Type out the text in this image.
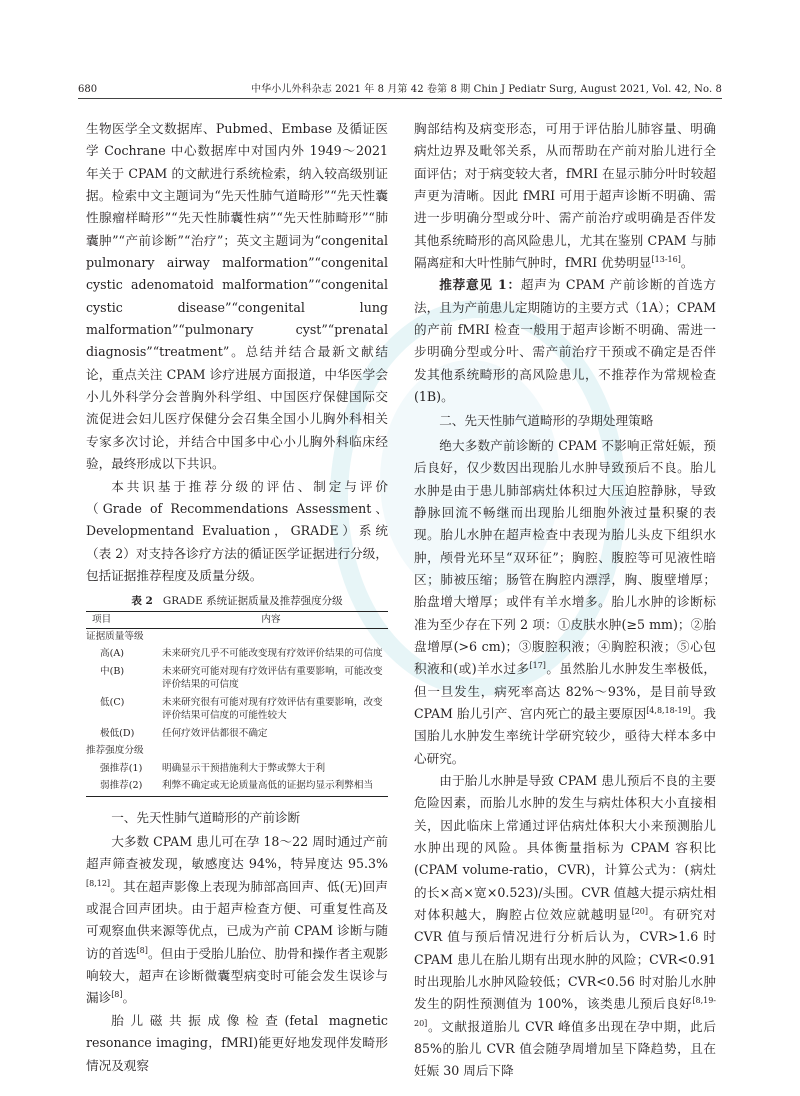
680	中华小儿外科杂志 2021 年 8 月第 42 卷第 8 期 Chin J Pediatr Surg, August 2021, Vol. 42, No. 8

生物医学全文数据库、Pubmed、Embase 及循证医学 Cochrane 中心数据库中对国内外 1949～2021 年关于 CPAM 的文献进行系统检索，纳入较高级别证据。检索中文主题词为“先天性肺气道畸形”“先天性囊性腺瘤样畸形”“先天性肺囊性病”“先天性肺畸形”“肺囊肿”“产前诊断”“治疗”；英文主题词为“congenital pulmonary airway malformation”“congenital cystic adenomatoid malformation”“congenital cystic disease”“congenital lung malformation”“pulmonary cyst”“prenatal diagnosis”“treatment”。总结并结合最新文献结论，重点关注 CPAM 诊疗进展方面报道，中华医学会小儿外科学分会普胸外科学组、中国医疗保健国际交流促进会妇儿医疗保健分会召集全国小儿胸外科相关专家多次讨论，并结合中国多中心小儿胸外科临床经验，最终形成以下共识。

本共识基于推荐分级的评估、制定与评价（Grade of Recommendations Assessment、Developmentand Evaluation，GRADE）系统（表 2）对支持各诊疗方法的循证医学证据进行分级，包括证据推荐程度及质量分级。

表 2 GRADE 系统证据质量及推荐强度分级

项目	内容
证据质量等级	
高(A)	未来研究几乎不可能改变现有疗效评价结果的可信度
中(B)	未来研究可能对现有疗效评估有重要影响，可能改变评价结果的可信度
低(C)	未来研究很有可能对现有疗效评估有重要影响，改变评价结果可信度的可能性较大
极低(D)	任何疗效评估都很不确定
推荐强度分级	
强推荐(1)	明确显示干预措施利大于弊或弊大于利
弱推荐(2)	利弊不确定或无论质量高低的证据均显示利弊相当

一、先天性肺气道畸形的产前诊断

大多数 CPAM 患儿可在孕 18～22 周时通过产前超声筛查被发现，敏感度达 94%，特异度达 95.3%[8,12]。其在超声影像上表现为肺部高回声、低(无)回声或混合回声团块。由于超声检查方便、可重复性高及可观察血供来源等优点，已成为产前 CPAM 诊断与随访的首选[8]。但由于受胎儿胎位、肋骨和操作者主观影响较大，超声在诊断微囊型病变时可能会发生误诊与漏诊[8]。

胎儿磁共振成像检查(fetal magnetic resonance imaging，fMRI)能更好地发现伴发畸形情况及观察

胸部结构及病变形态，可用于评估胎儿肺容量、明确病灶边界及毗邻关系，从而帮助在产前对胎儿进行全面评估；对于病变较大者，fMRI 在显示肺分叶时较超声更为清晰。因此 fMRI 可用于超声诊断不明确、需进一步明确分型或分叶、需产前治疗或明确是否伴发其他系统畸形的高风险患儿，尤其在鉴别 CPAM 与肺隔离症和大叶性肺气肿时，fMRI 优势明显[13-16]。

推荐意见 1：超声为 CPAM 产前诊断的首选方法，且为产前患儿定期随访的主要方式（1A）；CPAM 的产前 fMRI 检查一般用于超声诊断不明确、需进一步明确分型或分叶、需产前治疗干预或不确定是否伴发其他系统畸形的高风险患儿，不推荐作为常规检查(1B)。

二、先天性肺气道畸形的孕期处理策略

绝大多数产前诊断的 CPAM 不影响正常妊娠，预后良好，仅少数因出现胎儿水肿导致预后不良。胎儿水肿是由于患儿肺部病灶体积过大压迫腔静脉，导致静脉回流不畅继而出现胎儿细胞外液过量积聚的表现。胎儿水肿在超声检查中表现为胎儿头皮下组织水肿，颅骨光环呈“双环征”；胸腔、腹腔等可见液性暗区；肺被压缩；肠管在胸腔内漂浮，胸、腹壁增厚；胎盘增大增厚；或伴有羊水增多。胎儿水肿的诊断标准为至少存在下列 2 项：①皮肤水肿(≥5 mm)；②胎盘增厚(>6 cm)；③腹腔积液；④胸腔积液；⑤心包积液和(或)羊水过多[17]。虽然胎儿水肿发生率极低，但一旦发生，病死率高达 82%～93%，是目前导致 CPAM 胎儿引产、宫内死亡的最主要原因[4,8,18-19]。我国胎儿水肿发生率统计学研究较少，亟待大样本多中心研究。

由于胎儿水肿是导致 CPAM 患儿预后不良的主要危险因素，而胎儿水肿的发生与病灶体积大小直接相关，因此临床上常通过评估病灶体积大小来预测胎儿水肿出现的风险。具体衡量指标为 CPAM 容积比(CPAM volume-ratio，CVR)，计算公式为：(病灶的长×高×宽×0.523)/头围。CVR 值越大提示病灶相对体积越大，胸腔占位效应就越明显[20]。有研究对 CVR 值与预后情况进行分析后认为，CVR>1.6 时 CPAM 患儿在胎儿期有出现水肿的风险；CVR<0.91 时出现胎儿水肿风险较低；CVR<0.56 时对胎儿水肿发生的阴性预测值为 100%，该类患儿预后良好[8,19-20]。文献报道胎儿 CVR 峰值多出现在孕中期，此后 85%的胎儿 CVR 值会随孕周增加呈下降趋势，且在妊娠 30 周后下降
